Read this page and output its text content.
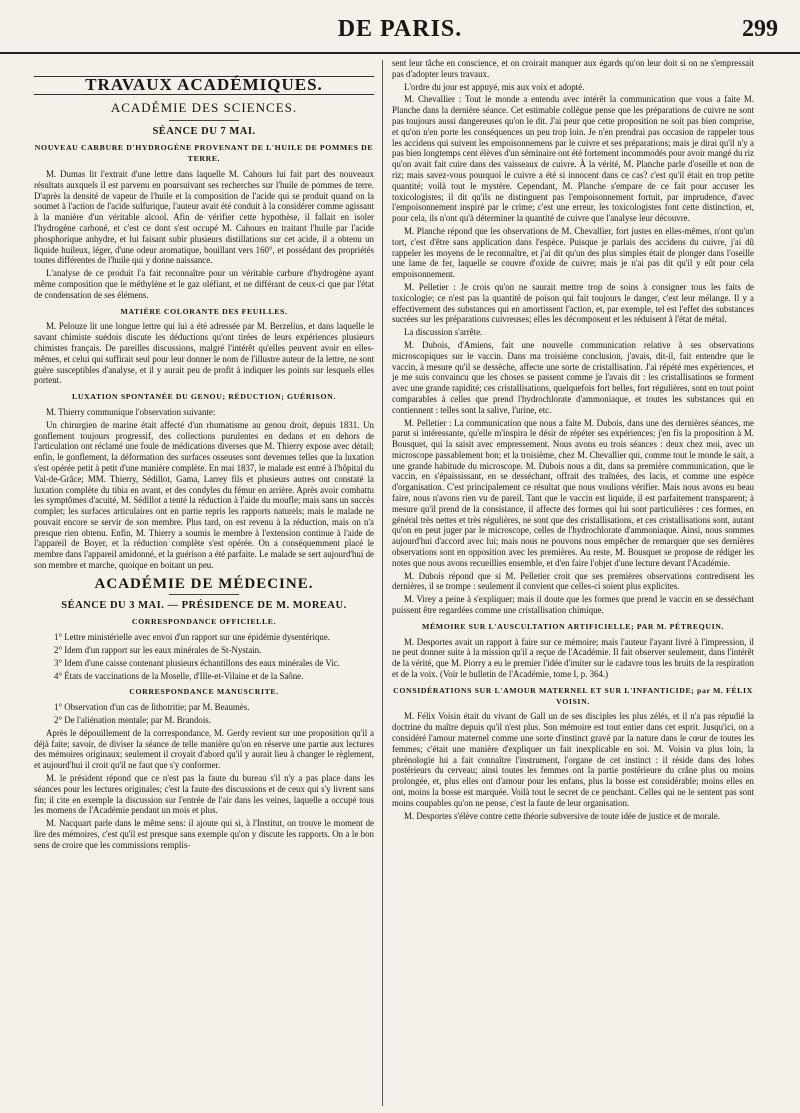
DE PARIS.	299
TRAVAUX ACADÉMIQUES.
ACADÉMIE DES SCIENCES.
SÉANCE DU 7 MAI.
NOUVEAU CARBURE D'HYDROGÈNE PROVENANT DE L'HUILE DE POMMES DE TERRE.

M. Dumas lit l'extrait d'une lettre dans laquelle M. Cahours lui fait part des nouveaux résultats auxquels il est parvenu en poursuivant ses recherches sur l'huile de pommes de terre. D'après la densité de vapeur de l'huile et la composition de l'acide qui se produit quand on la soumet à l'action de l'acide sulfurique, l'auteur avait été conduit à la considérer comme agissant à la manière d'un véritable alcool. Afin de vérifier cette hypothèse, il fallait en isoler l'hydrogène carboné, et c'est ce dont s'est occupé M. Cahours en traitant l'huile par l'acide phosphorique anhydre, et lui faisant subir plusieurs distillations sur cet acide, il a obtenu un liquide huileux, léger, d'une odeur aromatique, bouillant vers 160°, et possédant des propriétés toutes différentes de l'huile qui y donne naissance.

L'analyse de ce produit l'a fait reconnaître pour un véritable carbure d'hydrogène ayant même composition que le méthylène et le gaz oléfiant, et ne différant de ceux-ci que par l'état de condensation de ses élémens.

MATIÈRE COLORANTE DES FEUILLES.

M. Pelouze lit une longue lettre qui lui a été adressée par M. Berzelius, et dans laquelle le savant chimiste suédois discute les déductions qu'ont tirées de leurs expériences plusieurs chimistes français. De pareilles discussions, malgré l'intérêt qu'elles peuvent avoir en elles-mêmes, et celui qui suffirait seul pour leur donner le nom de l'illustre auteur de la lettre, ne sont guère susceptibles d'analyse, et il y aurait peu de profit à indiquer les points sur lesquels elles portent.

LUXATION SPONTANÉE DU GENOU; RÉDUCTION; GUÉRISON.

M. Thierry communique l'observation suivante:

Un chirurgien de marine était affecté d'un rhumatisme au genou droit, depuis 1831. Un gonflement toujours progressif, des collections purulentes en dedans et en dehors de l'articulation ont réclamé une foule de médications diverses que M. Thierry expose avec détail; enfin, le gonflement, la déformation des surfaces osseuses sont devenues telles que la luxation s'est opérée petit à petit d'une manière complète. En mai 1837, le malade est entré à l'hôpital du Val-de-Grâce; MM. Thierry, Sédillot, Gama, Larrey fils et plusieurs autres ont constaté la luxation complète du tibia en avant, et des condyles du fémur en arrière. Après avoir combattu les symptômes d'acuité, M. Sédillot a tenté la réduction à l'aide du moufle; mais sans un succès complet; les surfaces articulaires ont en partie repris les rapports naturels; mais le malade ne pouvait encore se servir de son membre. Plus tard, on est revenu à la réduction, mais on n'a presque rien obtenu. Enfin, M. Thierry a soumis le membre à l'extension continue à l'aide de l'appareil de Boyer, et la réduction complète s'est opérée. On a conséquemment placé le membre dans l'appareil amidonné, et la guérison a été parfaite. Le malade se sert aujourd'hui de son membre et marche, quoique en boitant un peu.

ACADÉMIE DE MÉDECINE.
SÉANCE DU 3 MAI. — PRÉSIDENCE DE M. MOREAU.
CORRESPONDANCE OFFICIELLE.

1° Lettre ministérielle avec envoi d'un rapport sur une épidémie dysentérique.

2° Idem d'un rapport sur les eaux minérales de St-Nystain.

3° Idem d'une caisse contenant plusieurs échantillons des eaux minérales de Vic.

4° États de vaccinations de la Moselle, d'Ille-et-Vilaine et de la Saône.

CORRESPONDANCE MANUSCRITE.

1° Observation d'un cas de lithotritie; par M. Beaumès.

2° De l'aliénation mentale; par M. Brandois.

Après le dépouillement de la correspondance, M. Gerdy revient sur une proposition qu'il a déjà faite; savoir, de diviser la séance de telle manière qu'on en réserve une partie aux lectures des mémoires originaux; seulement il croyait d'abord qu'il y aurait lieu à changer le règlement, et aujourd'hui il croit qu'il ne faut que s'y conformer.

M. le président répond que ce n'est pas la faute du bureau s'il n'y a pas place dans les séances pour les lectures originales; c'est la faute des discussions et de ceux qui s'y livrent sans fin; il cite en exemple la discussion sur l'entrée de l'air dans les veines, laquelle a occupé tous les momens de l'Académie pendant un mois et plus.

M. Nacquart parle dans le même sens: il ajoute qui si, à l'Institut, on trouve le moment de lire des mémoires, c'est qu'il est presque sans exemple qu'on y discute les rapports. On a le bon sens de croire que les commissions remplis-

sent leur tâche en conscience, et on croirait manquer aux égards qu'on leur doit si on ne s'empressait pas d'adopter leurs travaux.

L'ordre du jour est appuyé, mis aux voix et adopté.

M. Chevallier : Tout le monde a entendu avec intérêt la communication que vous a faite M. Planche dans la dernière séance. Cet estimable collègue pense que les préparations de cuivre ne sont pas toujours aussi dangereuses qu'on le dit. J'ai peur que cette proposition ne soit pas bien comprise, et qu'on n'en porte les conséquences un peu trop loin. Je n'en prendrai pas occasion de rappeler tous les accidens qui suivent les empoisonnemens par le cuivre et ses préparations; mais je dirai qu'il n'y a pas bien longtemps cent élèves d'un séminaire ont été fortement incommodés pour avoir mangé du riz qu'on avait fait cuire dans des vaisseaux de cuivre. À la vérité, M. Planche parle d'oseille et non de riz; mais savez-vous pourquoi le cuivre a été si innocent dans ce cas? c'est qu'il était en trop petite quantité; voilà tout le mystère. Cependant, M. Planche s'empare de ce fait pour accuser les toxicologistes; il dit qu'ils ne distinguent pas l'empoisonnement fortuit, par imprudence, d'avec l'empoisonnement inspiré par le crime; c'est une erreur, les toxicologistes font cette distinction, et, pour cela, ils n'ont qu'à déterminer la quantité de cuivre que l'analyse leur découvre.

M. Planche répond que les observations de M. Chevallier, fort justes en elles-mêmes, n'ont qu'un tort, c'est d'être sans application dans l'espèce. Puisque je parlais des accidens du cuivre, j'ai dû rappeler les moyens de le reconnaître, et j'ai dit qu'un des plus simples était de plonger dans l'oseille une lame de fer, laquelle se couvre d'oxide de cuivre; mais je n'ai pas dit qu'il y eût pour cela empoisonnement.

M. Pelletier : Je crois qu'on ne saurait mettre trop de soins à consigner tous les faits de toxicologie; ce n'est pas la quantité de poison qui fait toujours le danger, c'est leur mélange. Il y a effectivement des substances qui en amortissent l'action, et, par exemple, tel est l'effet des substances sucrées sur les préparations cuivreuses; elles les décomposent et les réduisent à l'état de métal.

La discussion s'arrête.

M. Dubois, d'Amiens, fait une nouvelle communication relative à ses observations microscopiques sur le vaccin. Dans ma troisième conclusion, j'avais, dit-il, fait entendre que le vaccin, à mesure qu'il se dessèche, affecte une sorte de cristallisation. J'ai répété mes expériences, et je me suis convaincu que les choses se passent comme je l'avais dit : les cristallisations se forment avec une grande rapidité; ces cristallisations, quelquefois fort belles, fort régulières, sont en tout point comparables à celles que prend l'hydrochlorate d'ammoniaque, et toutes les substances qui en contiennent : telles sont la salive, l'urine, etc.

M. Pelletier : La communication que nous a faite M. Dubois, dans une des dernières séances, me parut si intéressante, qu'elle m'inspira le désir de répéter ses expériences; j'en fis la proposition à M. Bousquet, qui la saisit avec empressement. Nous avons eu trois séances : deux chez moi, avec un microscope passablement bon; et la troisième, chez M. Chevallier qui, comme tout le monde le sait, a une grande habitude du microscope. M. Dubois nous a dit, dans sa première communication, que le vaccin, en s'épaississant, en se desséchant, offrait des traînées, des lacis, et comme une espèce d'organisation. C'est principalement ce résultat que nous voulions vérifier. Mais nous avons eu beau faire, nous n'avons rien vu de pareil. Tant que le vaccin est liquide, il est parfaitement transparent; à mesure qu'il prend de la consistance, il affecte des formes qui lui sont particulières : ces formes, en général très nettes et très régulières, ne sont que des cristallisations, et ces cristallisations sont, autant qu'on en peut juger par le microscope, celles de l'hydrochlorate d'ammoniaque. Ainsi, nous sommes aujourd'hui d'accord avec lui; mais nous ne pouvons nous empêcher de remarquer que ses dernières observations sont en opposition avec les premières. Au reste, M. Bousquet se propose de rédiger les notes que nous avons recueillies ensemble, et d'en faire l'objet d'une lecture devant l'Académie.

M. Dubois répond que si M. Pelletier croit que ses premières observations contredisent les dernières, il se trompe : seulement il convient que celles-ci soient plus explicites.

M. Virey a peine à s'expliquer; mais il doute que les formes que prend le vaccin en se desséchant puissent être regardées comme une cristallisation chimique.

MÉMOIRE SUR L'AUSCULTATION ARTIFICIELLE; PAR M. PÉTREQUIN.

M. Desportes avait un rapport à faire sur ce mémoire; mais l'auteur l'ayant livré à l'impression, il ne peut donner suite à la mission qu'il a reçue de l'Académie. Il fait observer seulement, dans l'intérêt de la vérité, que M. Piorry a eu le premier l'idée d'imiter sur le cadavre tous les bruits de la respiration et de la voix. (Voir le bulletin de l'Académie, tome I, p. 364.)

CONSIDÉRATIONS SUR L'AMOUR MATERNEL ET SUR L'INFANTICIDE; par M. FÉLIX VOISIN.

M. Félix Voisin était du vivant de Gall un de ses disciples les plus zélés, et il n'a pas répudié la doctrine du maître depuis qu'il n'est plus. Son mémoire est tout entier dans cet esprit. Jusqu'ici, on a considéré l'amour maternel comme une sorte d'instinct gravé par la nature dans le cœur de toutes les femmes; c'était une manière d'expliquer un fait inexplicable en soi. M. Voisin va plus loin, la phrénologie lui a fait connaître l'instrument, l'organe de cet instinct : il réside dans des lobes postérieurs du cerveau; ainsi toutes les femmes ont la partie postérieure du crâne plus ou moins prolongée, et, plus elles ont d'amour pour les enfans, plus la bosse est considérable; moins elles en ont, moins la bosse est marquée. Voilà tout le secret de ce penchant. Celles qui ne le sentent pas sont moins coupables qu'on ne pense, c'est la faute de leur organisation.

M. Desportes s'élève contre cette théorie subversive de toute idée de justice et de morale.
